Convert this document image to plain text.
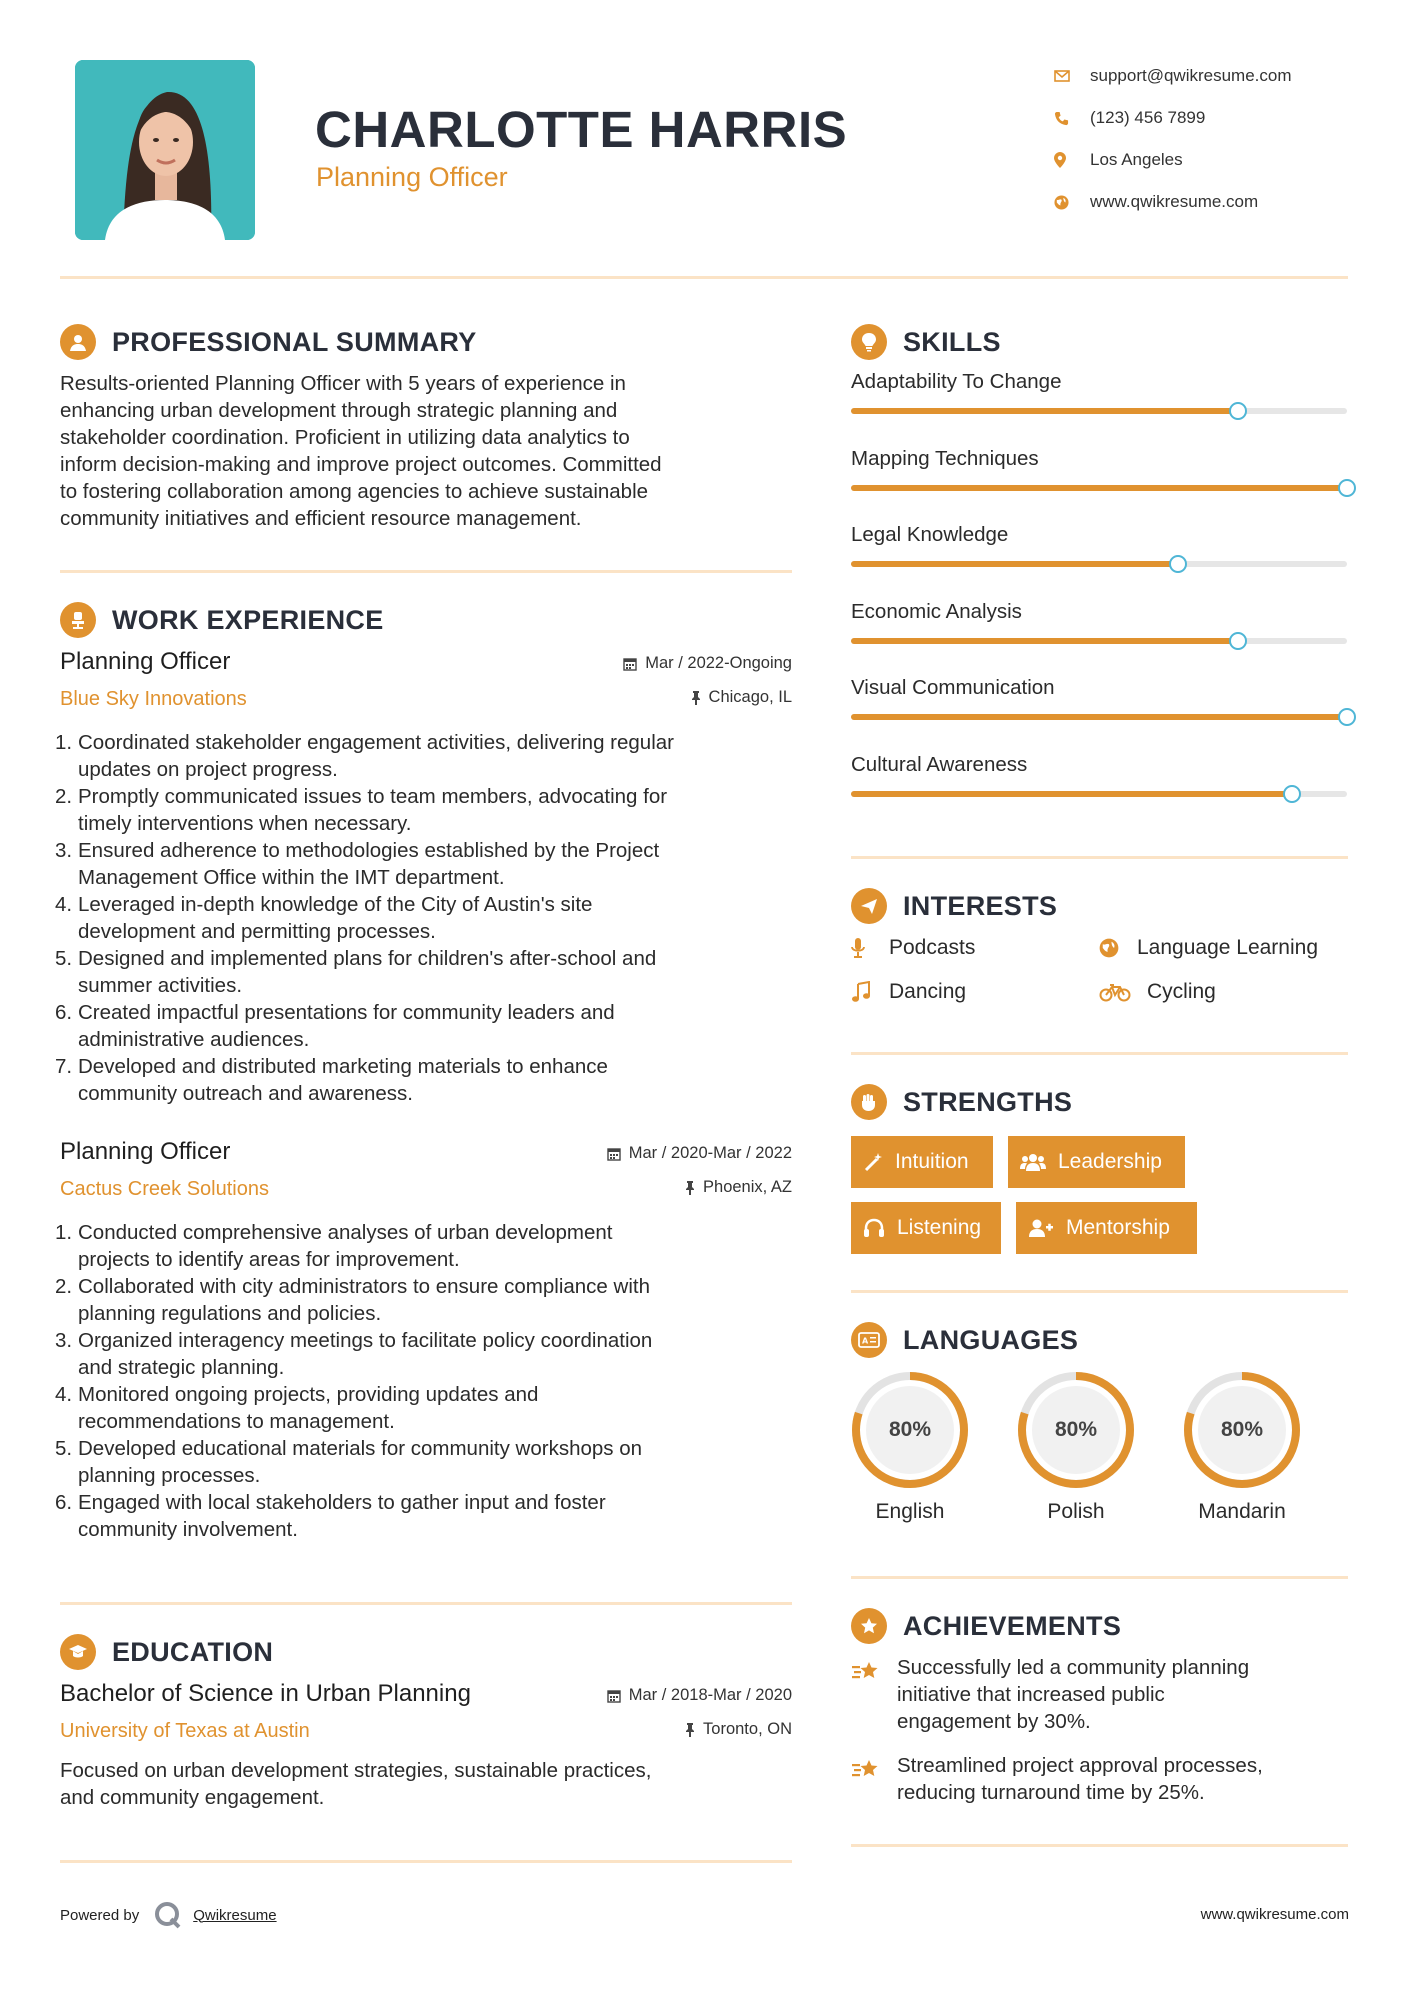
CHARLOTTE HARRIS
Planning Officer
support@qwikresume.com
(123) 456 7899
Los Angeles
www.qwikresume.com
PROFESSIONAL SUMMARY
Results-oriented Planning Officer with 5 years of experience in
enhancing urban development through strategic planning and
stakeholder coordination. Proficient in utilizing data analytics to
inform decision-making and improve project outcomes. Committed
to fostering collaboration among agencies to achieve sustainable
community initiatives and efficient resource management.
WORK EXPERIENCE
Planning Officer
Blue Sky Innovations
Mar / 2022-Ongoing
Chicago, IL
1. Coordinated stakeholder engagement activities, delivering regular
updates on project progress.
2. Promptly communicated issues to team members, advocating for
timely interventions when necessary.
3. Ensured adherence to methodologies established by the Project
Management Office within the IMT department.
4. Leveraged in-depth knowledge of the City of Austin's site
development and permitting processes.
5. Designed and implemented plans for children's after-school and
summer activities.
6. Created impactful presentations for community leaders and
administrative audiences.
7. Developed and distributed marketing materials to enhance
community outreach and awareness.
Planning Officer
Cactus Creek Solutions
Mar / 2020-Mar / 2022
Phoenix, AZ
1. Conducted comprehensive analyses of urban development
projects to identify areas for improvement.
2. Collaborated with city administrators to ensure compliance with
planning regulations and policies.
3. Organized interagency meetings to facilitate policy coordination
and strategic planning.
4. Monitored ongoing projects, providing updates and
recommendations to management.
5. Developed educational materials for community workshops on
planning processes.
6. Engaged with local stakeholders to gather input and foster
community involvement.
EDUCATION
Bachelor of Science in Urban Planning
University of Texas at Austin
Mar / 2018-Mar / 2020
Toronto, ON
Focused on urban development strategies, sustainable practices,
and community engagement.
SKILLS
Adaptability To Change
Mapping Techniques
Legal Knowledge
Economic Analysis
Visual Communication
Cultural Awareness
INTERESTS
Podcasts	Language Learning
Dancing	Cycling
STRENGTHS
Intuition	Leadership
Listening	Mentorship
A LANGUAGES
80%
English
80%
Polish
80%
Mandarin
ACHIEVEMENTS
Successfully led a community planning
initiative that increased public
engagement by 30%.
Streamlined project approval processes,
reducing turnaround time by 25%.
Powered by	Qwikresume	www.qwikresume.com
